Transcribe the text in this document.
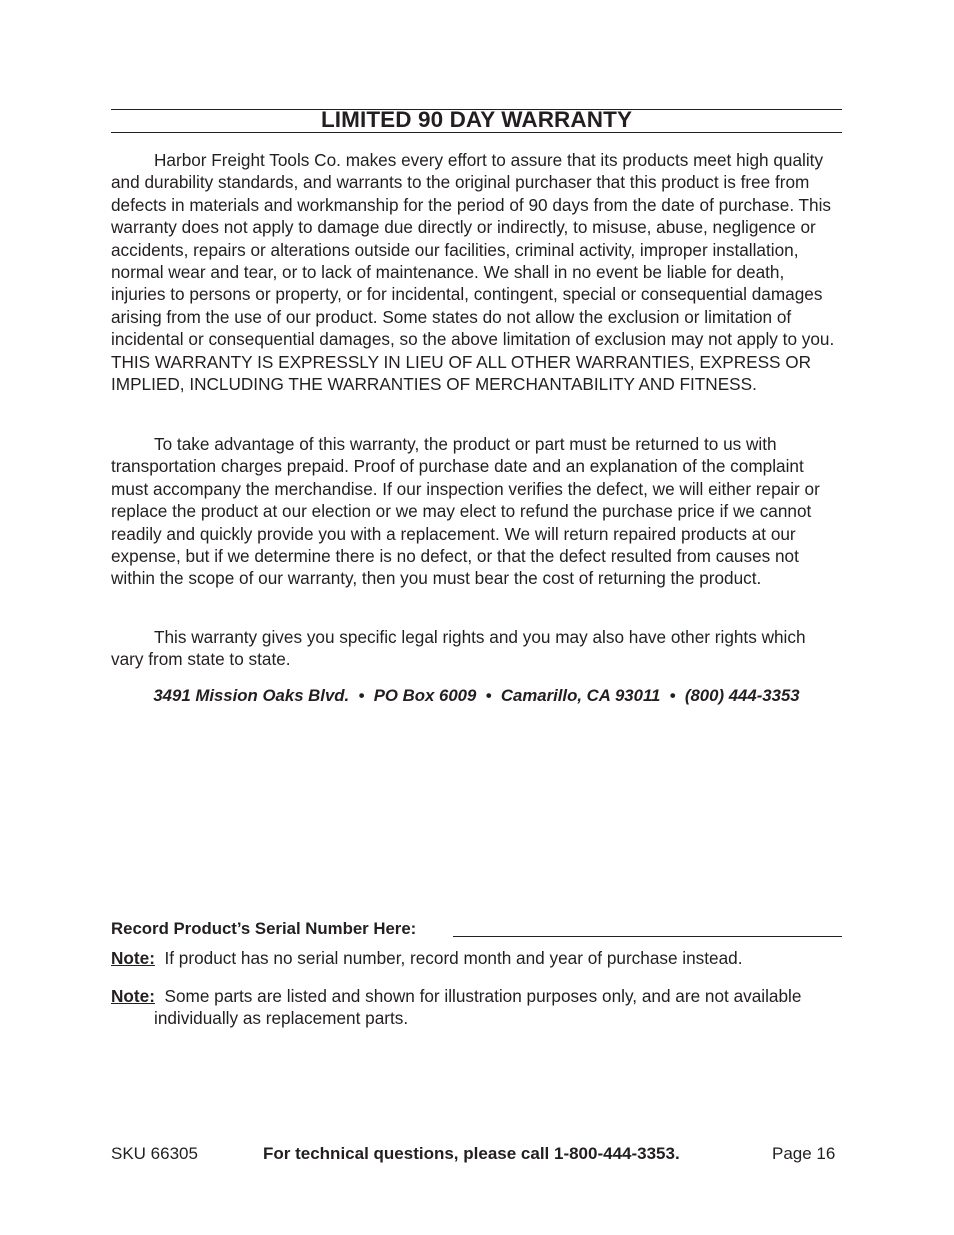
LIMITED 90 DAY WARRANTY

Harbor Freight Tools Co. makes every effort to assure that its products meet high quality and durability standards, and warrants to the original purchaser that this product is free from defects in materials and workmanship for the period of 90 days from the date of purchase. This warranty does not apply to damage due directly or indirectly, to misuse, abuse, negligence or accidents, repairs or alterations outside our facilities, criminal activity, improper installation, normal wear and tear, or to lack of maintenance. We shall in no event be liable for death, injuries to persons or property, or for incidental, contingent, special or consequential damages arising from the use of our product. Some states do not allow the exclusion or limitation of incidental or consequential damages, so the above limitation of exclusion may not apply to you. THIS WARRANTY IS EXPRESSLY IN LIEU OF ALL OTHER WARRANTIES, EXPRESS OR IMPLIED, INCLUDING THE WARRANTIES OF MERCHANTABILITY AND FITNESS.

To take advantage of this warranty, the product or part must be returned to us with transportation charges prepaid. Proof of purchase date and an explanation of the complaint must accompany the merchandise. If our inspection verifies the defect, we will either repair or replace the product at our election or we may elect to refund the purchase price if we cannot readily and quickly provide you with a replacement. We will return repaired products at our expense, but if we determine there is no defect, or that the defect resulted from causes not within the scope of our warranty, then you must bear the cost of returning the product.

This warranty gives you specific legal rights and you may also have other rights which vary from state to state.

3491 Mission Oaks Blvd.  •  PO Box 6009  •  Camarillo, CA 93011  •  (800) 444-3353
Record Product’s Serial Number Here:
Note: If product has no serial number, record month and year of purchase instead.
Note: Some parts are listed and shown for illustration purposes only, and are not available individually as replacement parts.
SKU 66305	For technical questions, please call 1-800-444-3353.	Page 16
